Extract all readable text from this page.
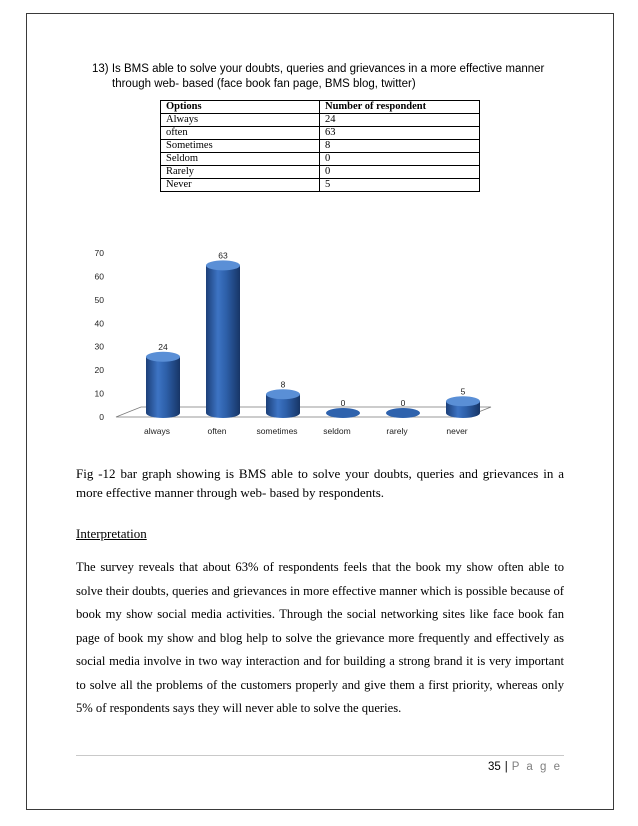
13) Is BMS able to solve your doubts, queries and grievances in a more effective manner
through web- based (face book fan page, BMS blog, twitter)
Options	Number of respondent
Always	24
often	63
Sometimes	8
Seldom	0
Rarely	0
Never	5
0
10
20
30
40
50
60
70
24
always
63
often
8
sometimes
0
seldom
0
rarely
5
never
Fig -12 bar graph showing is BMS able to solve your doubts, queries and grievances in a more effective manner through web- based by respondents.
Interpretation
The survey reveals that about 63% of respondents feels that the book my show often able to solve their doubts, queries and grievances in more effective manner which is possible because of book my show social media activities. Through the social networking sites like face book fan page of book my show and blog help to solve the grievance more frequently and effectively as social media involve in two way interaction and for building a strong brand it is very important to solve all the problems of the customers properly and give them a first priority, whereas only 5% of respondents says they will never able to solve the queries.
35 | P a g e
